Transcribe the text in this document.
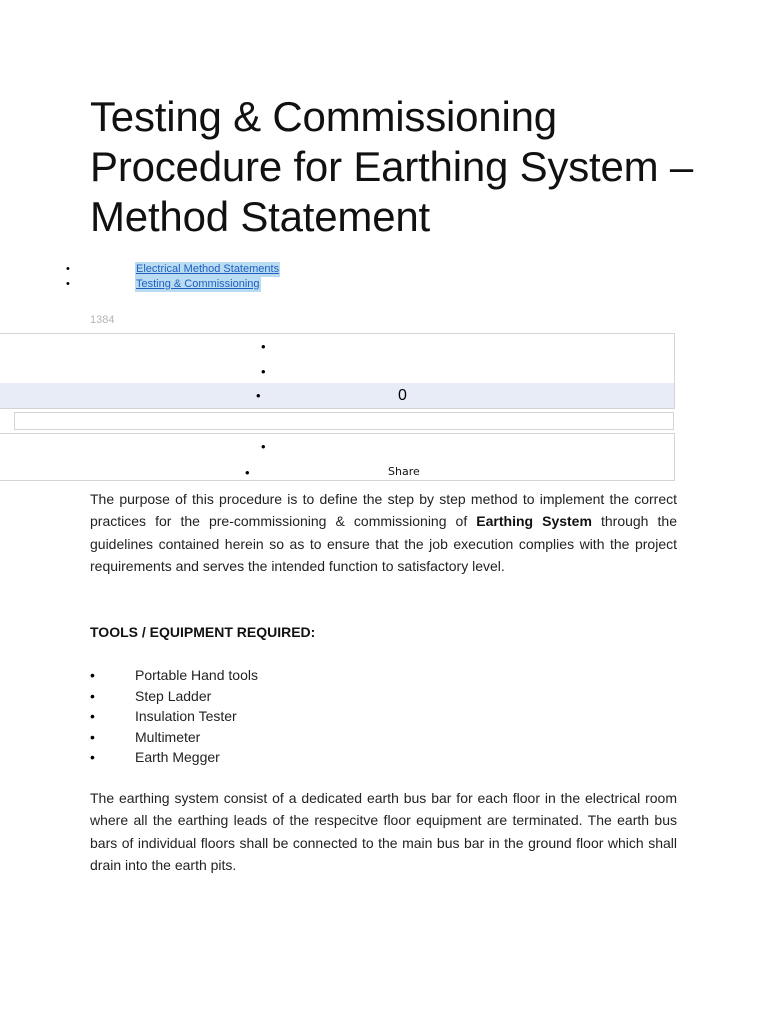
Testing & Commissioning Procedure for Earthing System – Method Statement
•	Electrical Method Statements
•	Testing & Commissioning
1384
•
•
•	0
•
•	Share

The purpose of this procedure is to define the step by step method to implement the correct practices for the pre-commissioning & commissioning of Earthing System through the guidelines contained herein so as to ensure that the job execution complies with the project requirements and serves the intended function to satisfactory level.

TOOLS / EQUIPMENT REQUIRED:
•	Portable Hand tools
•	Step Ladder
•	Insulation Tester
•	Multimeter
•	Earth Megger

The earthing system consist of a dedicated earth bus bar for each floor in the electrical room where all the earthing leads of the respecitve floor equipment are terminated. The earth bus bars of individual floors shall be connected to the main bus bar in the ground floor which shall drain into the earth pits.
